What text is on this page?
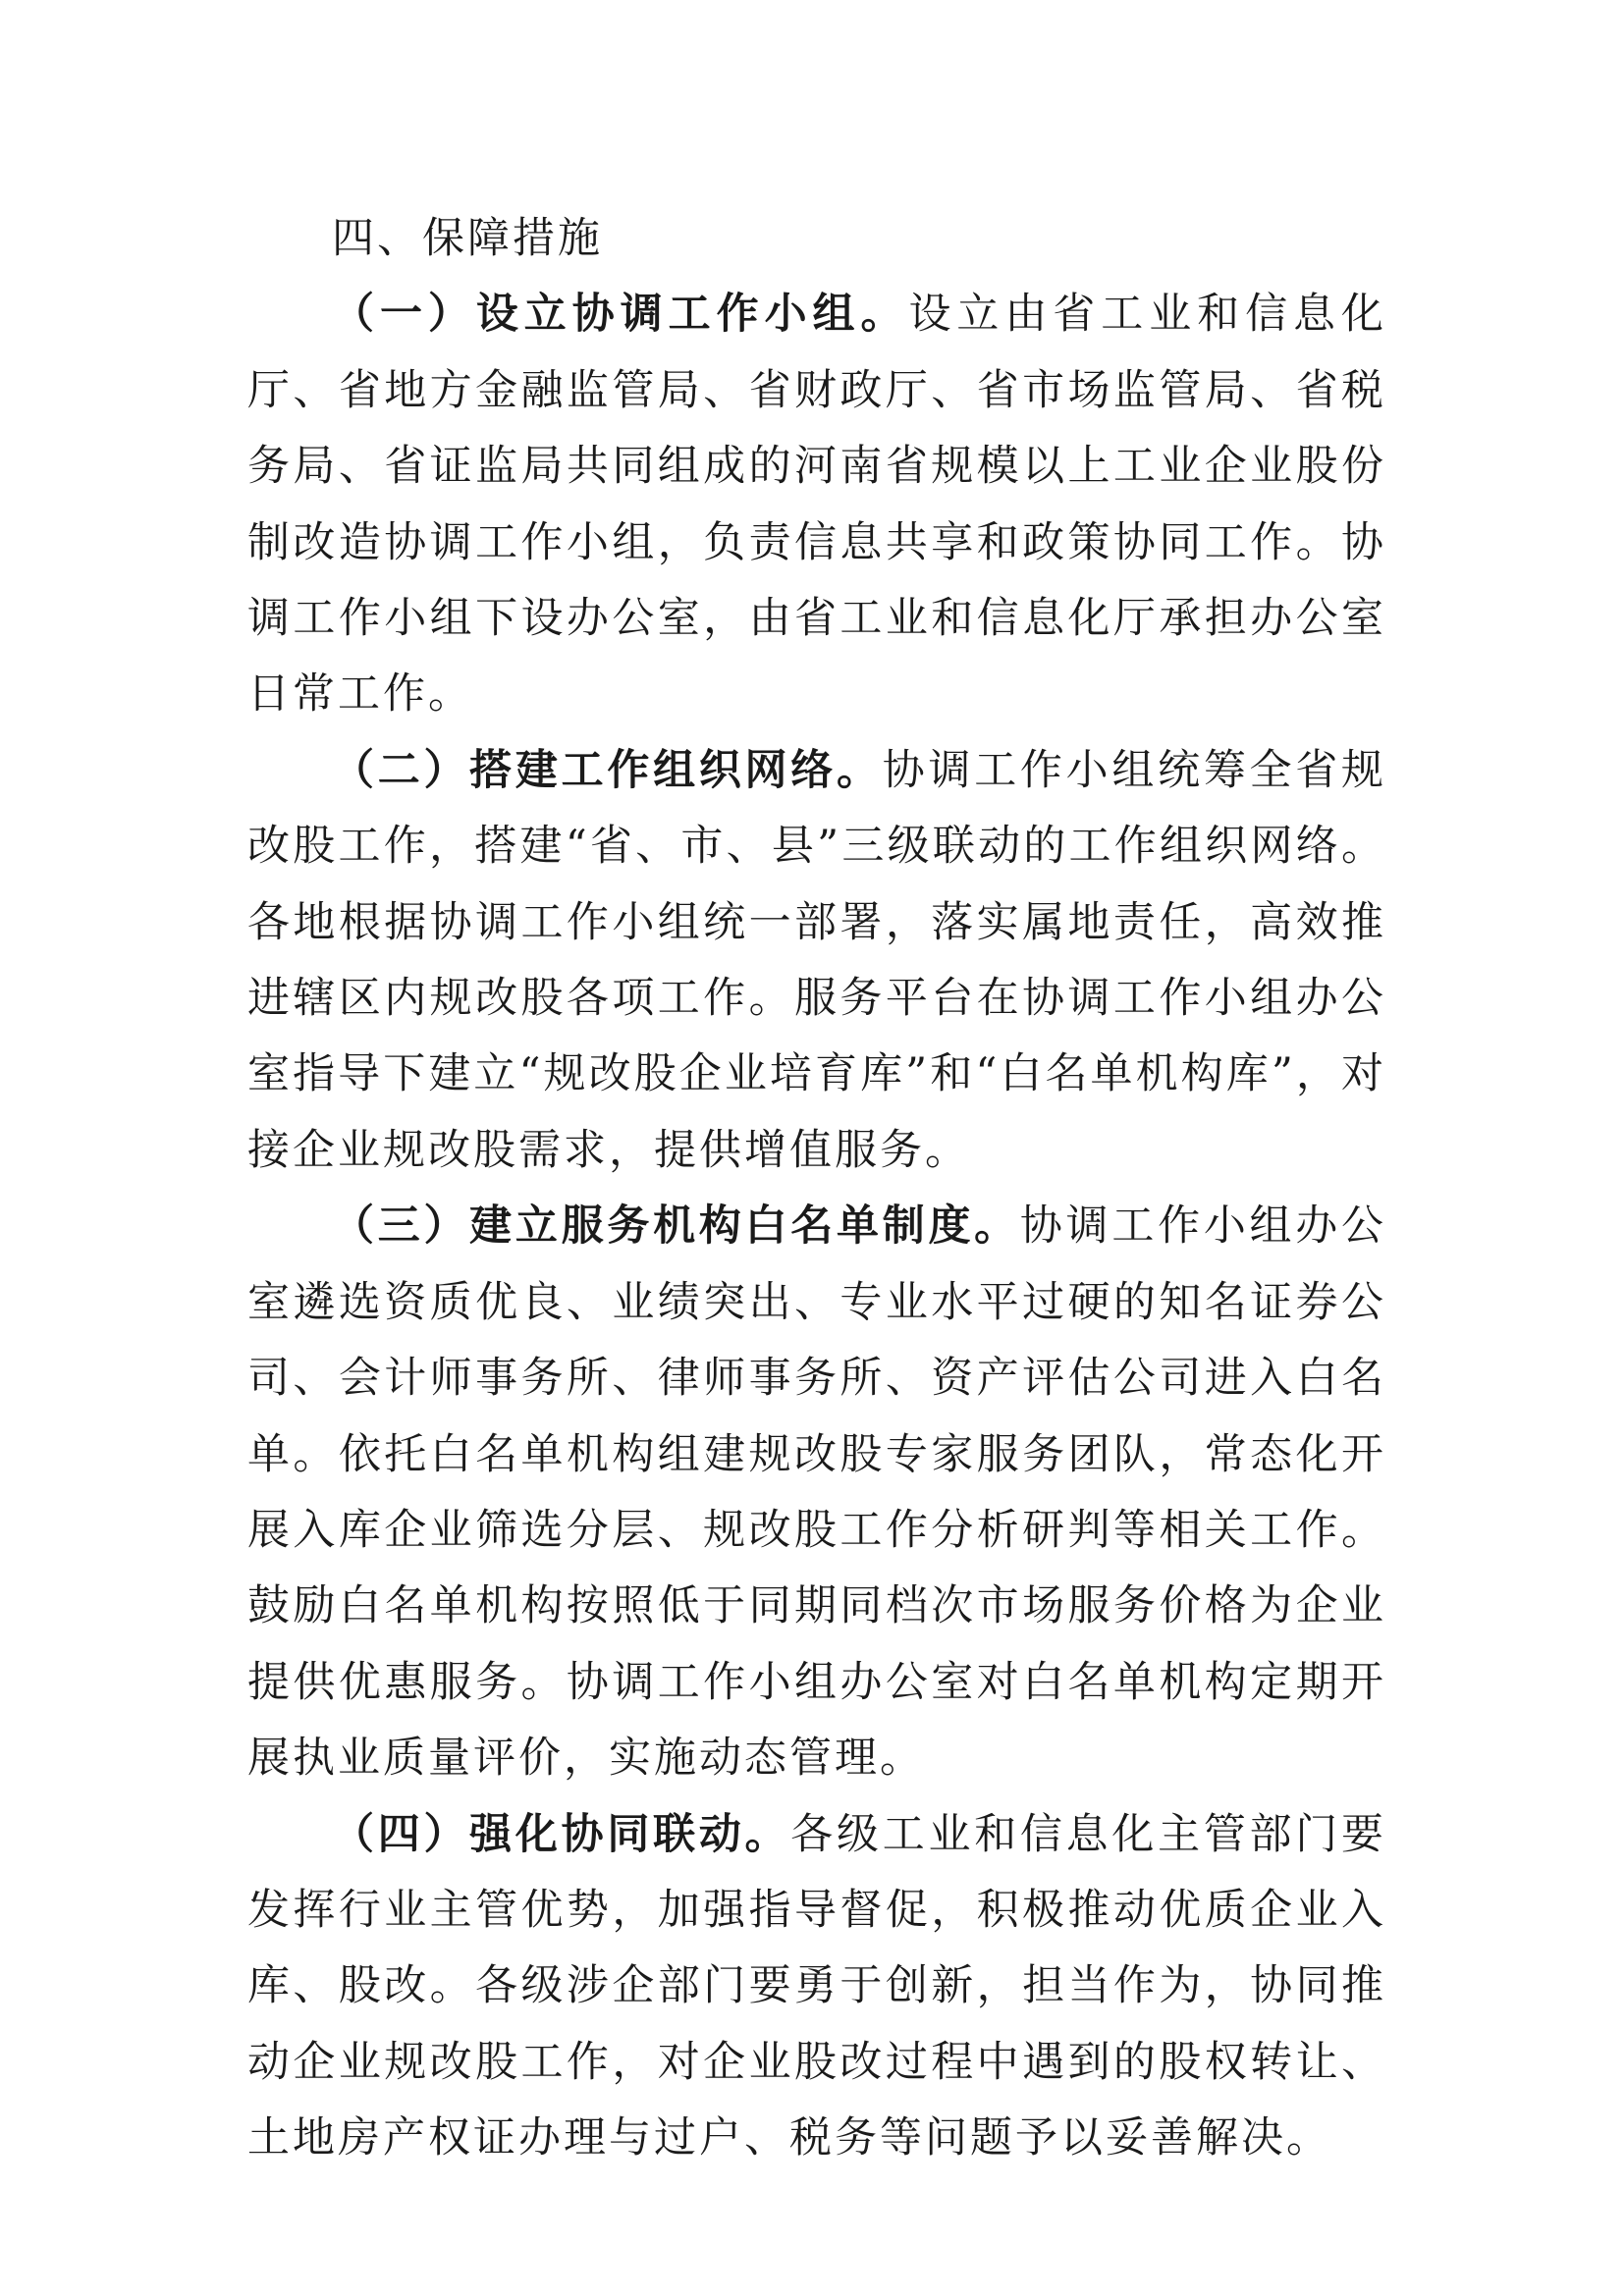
四、保障措施

（一）设立协调工作小组。设立由省工业和信息化厅、省地方金融监管局、省财政厅、省市场监管局、省税务局、省证监局共同组成的河南省规模以上工业企业股份制改造协调工作小组，负责信息共享和政策协同工作。协调工作小组下设办公室，由省工业和信息化厅承担办公室日常工作。

（二）搭建工作组织网络。协调工作小组统筹全省规改股工作，搭建“省、市、县”三级联动的工作组织网络。各地根据协调工作小组统一部署，落实属地责任，高效推进辖区内规改股各项工作。服务平台在协调工作小组办公室指导下建立“规改股企业培育库”和“白名单机构库”，对接企业规改股需求，提供增值服务。

（三）建立服务机构白名单制度。协调工作小组办公室遴选资质优良、业绩突出、专业水平过硬的知名证券公司、会计师事务所、律师事务所、资产评估公司进入白名单。依托白名单机构组建规改股专家服务团队，常态化开展入库企业筛选分层、规改股工作分析研判等相关工作。鼓励白名单机构按照低于同期同档次市场服务价格为企业提供优惠服务。协调工作小组办公室对白名单机构定期开展执业质量评价，实施动态管理。

（四）强化协同联动。各级工业和信息化主管部门要发挥行业主管优势，加强指导督促，积极推动优质企业入库、股改。各级涉企部门要勇于创新，担当作为，协同推动企业规改股工作，对企业股改过程中遇到的股权转让、土地房产权证办理与过户、税务等问题予以妥善解决。
